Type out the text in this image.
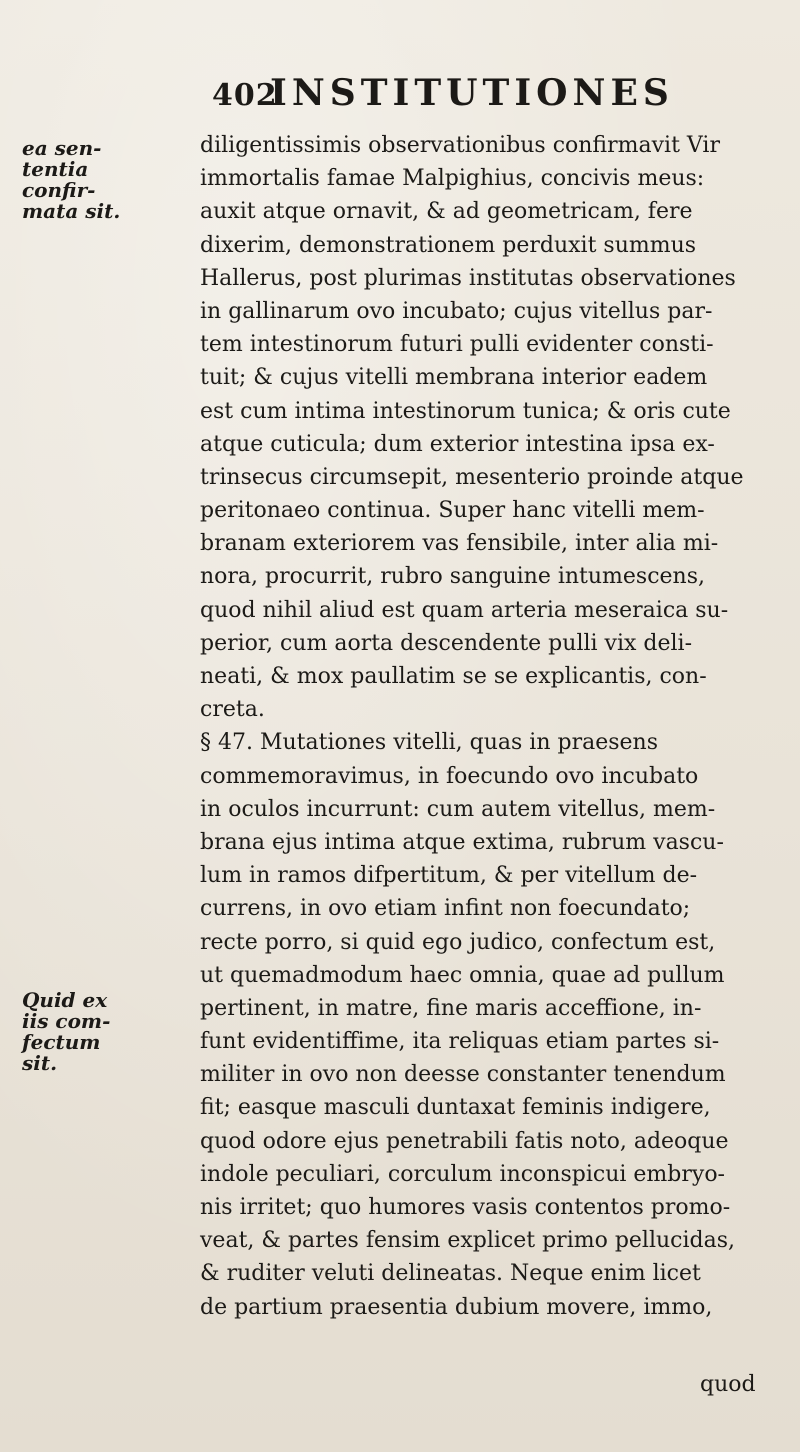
402
INSTITUTIONES
ea sen-
tentia
confir-
mata sit.
Quid ex
iis com-
fectum
sit.
diligentissimis observationibus confirmavit Vir
immortalis famae Malpighius, concivis meus:
auxit atque ornavit, & ad geometricam, fere
dixerim, demonstrationem perduxit summus
Hallerus, post plurimas institutas observationes
in gallinarum ovo incubato; cujus vitellus par-
tem intestinorum futuri pulli evidenter consti-
tuit; & cujus vitelli membrana interior eadem
est cum intima intestinorum tunica; & oris cute
atque cuticula; dum exterior intestina ipsa ex-
trinsecus circumsepit, mesenterio proinde atque
peritonaeo continua. Super hanc vitelli mem-
branam exteriorem vas fensibile, inter alia mi-
nora, procurrit, rubro sanguine intumescens,
quod nihil aliud est quam arteria meseraica su-
perior, cum aorta descendente pulli vix deli-
neati, & mox paullatim se se explicantis, con-
creta.
§ 47. Mutationes vitelli, quas in praesens
commemoravimus, in foecundo ovo incubato
in oculos incurrunt: cum autem vitellus, mem-
brana ejus intima atque extima, rubrum vascu-
lum in ramos difpertitum, & per vitellum de-
currens, in ovo etiam infint non foecundato;
recte porro, si quid ego judico, confectum est,
ut quemadmodum haec omnia, quae ad pullum
pertinent, in matre, fine maris acceffione, in-
funt evidentiffime, ita reliquas etiam partes si-
militer in ovo non deesse constanter tenendum
fit; easque masculi duntaxat feminis indigere,
quod odore ejus penetrabili fatis noto, adeoque
indole peculiari, corculum inconspicui embryo-
nis irritet; quo humores vasis contentos promo-
veat, & partes fensim explicet primo pellucidas,
& ruditer veluti delineatas. Neque enim licet
de partium praesentia dubium movere, immo,
quod
